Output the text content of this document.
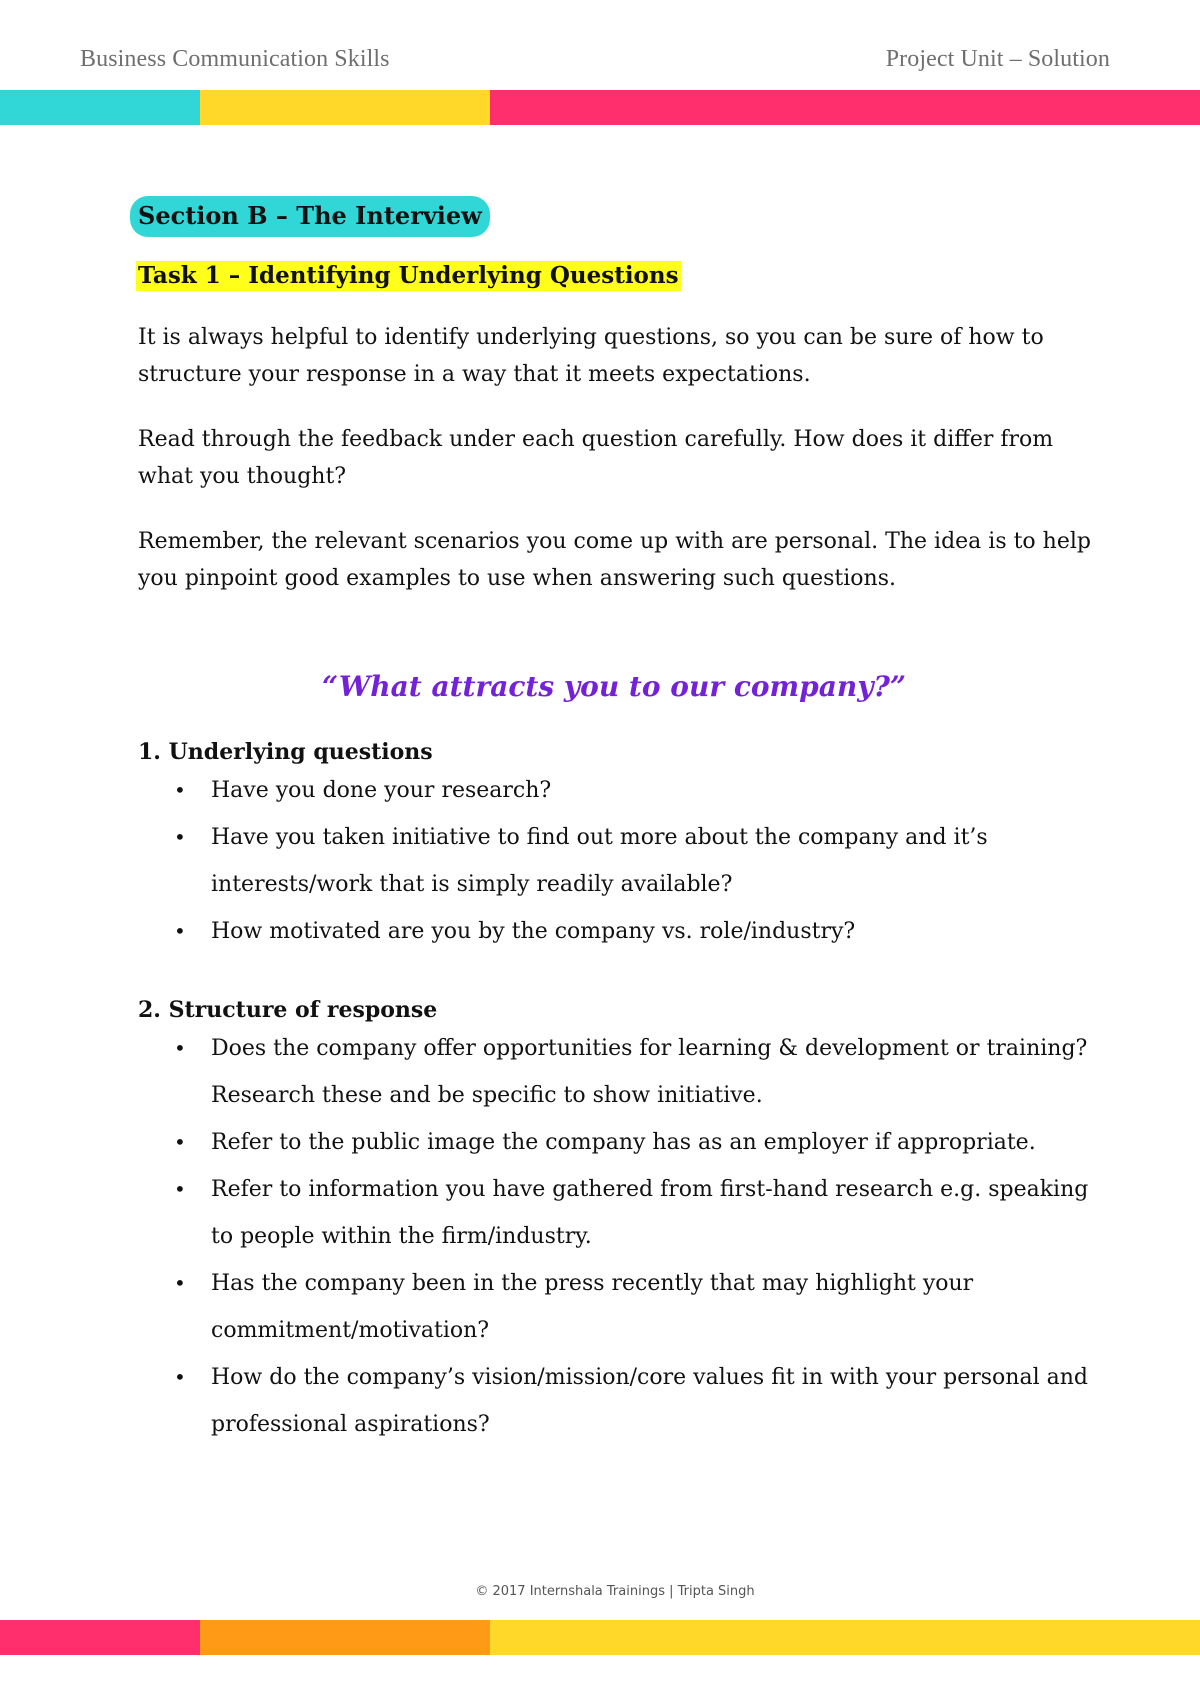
Business Communication Skills	Project Unit – Solution
Section B – The Interview
Task 1 – Identifying Underlying Questions

It is always helpful to identify underlying questions, so you can be sure of how to structure your response in a way that it meets expectations.

Read through the feedback under each question carefully. How does it differ from what you thought?

Remember, the relevant scenarios you come up with are personal. The idea is to help you pinpoint good examples to use when answering such questions.

“What attracts you to our company?”
1. Underlying questions
• Have you done your research?
• Have you taken initiative to find out more about the company and it’s interests/work that is simply readily available?
• How motivated are you by the company vs. role/industry?
2. Structure of response
• Does the company offer opportunities for learning & development or training? Research these and be specific to show initiative.
• Refer to the public image the company has as an employer if appropriate.
• Refer to information you have gathered from first-hand research e.g. speaking to people within the firm/industry.
• Has the company been in the press recently that may highlight your commitment/motivation?
• How do the company’s vision/mission/core values fit in with your personal and professional aspirations?
© 2017 Internshala Trainings | Tripta Singh
